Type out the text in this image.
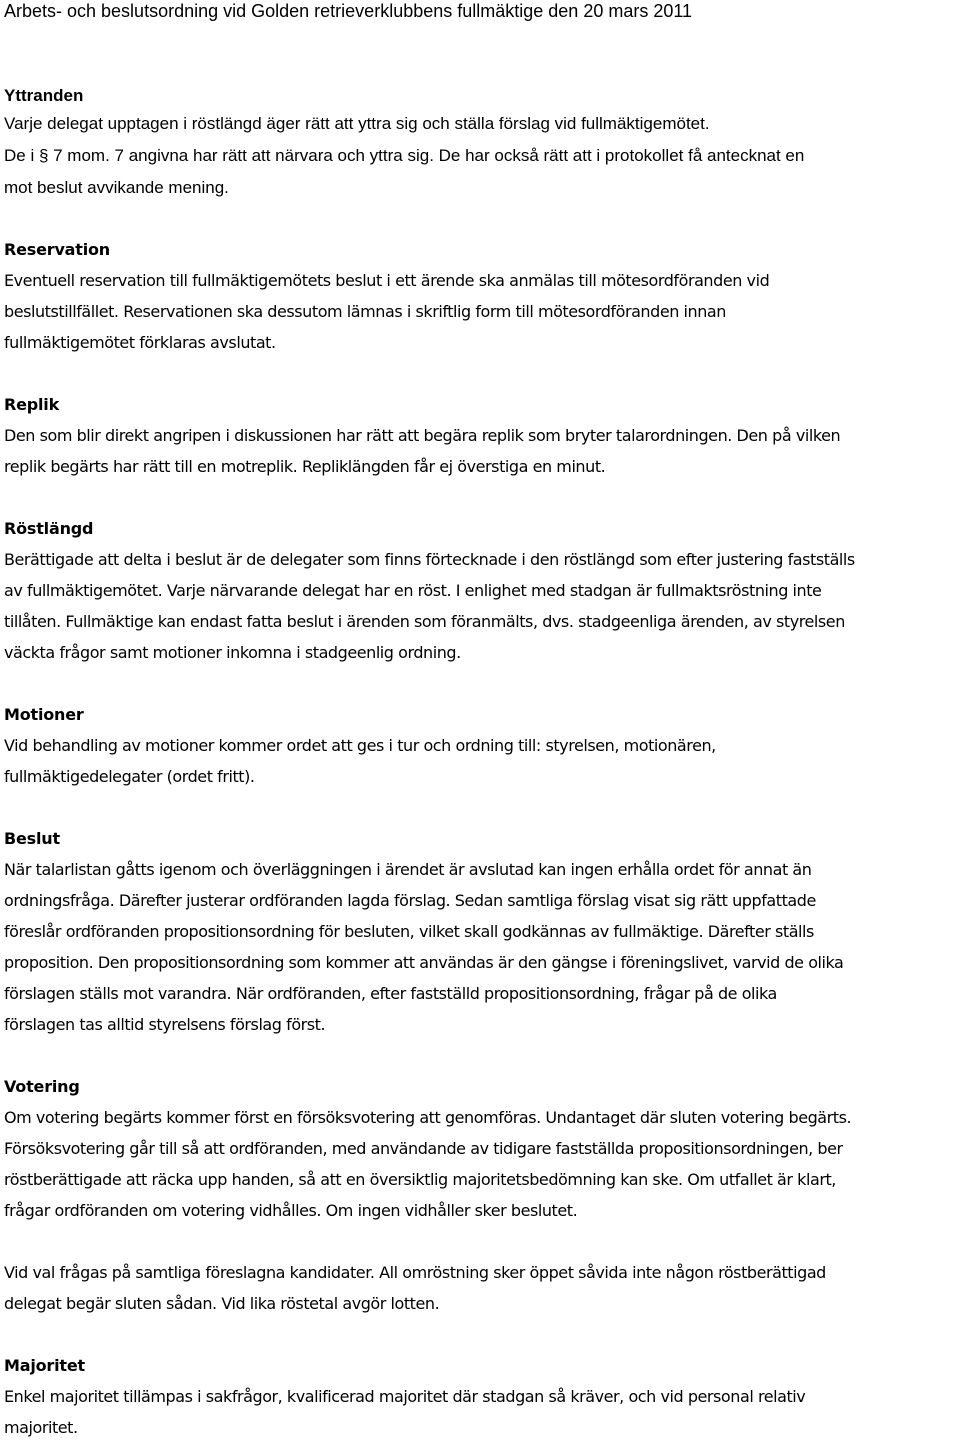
Arbets- och beslutsordning vid Golden retrieverklubbens fullmäktige den 20 mars 2011
Yttranden
Varje delegat upptagen i röstlängd äger rätt att yttra sig och ställa förslag vid fullmäktigemötet.
De i § 7 mom. 7 angivna har rätt att närvara och yttra sig. De har också rätt att i protokollet få antecknat en
mot beslut avvikande mening.
Reservation
Eventuell reservation till fullmäktigemötets beslut i ett ärende ska anmälas till mötesordföranden vid
beslutstillfället. Reservationen ska dessutom lämnas i skriftlig form till mötesordföranden innan
fullmäktigemötet förklaras avslutat.
Replik
Den som blir direkt angripen i diskussionen har rätt att begära replik som bryter talarordningen. Den på vilken
replik begärts har rätt till en motreplik. Repliklängden får ej överstiga en minut.
Röstlängd
Berättigade att delta i beslut är de delegater som finns förtecknade i den röstlängd som efter justering fastställs
av fullmäktigemötet. Varje närvarande delegat har en röst. I enlighet med stadgan är fullmaktsröstning inte
tillåten. Fullmäktige kan endast fatta beslut i ärenden som föranmälts, dvs. stadgeenliga ärenden, av styrelsen
väckta frågor samt motioner inkomna i stadgeenlig ordning.
Motioner
Vid behandling av motioner kommer ordet att ges i tur och ordning till: styrelsen, motionären,
fullmäktigedelegater (ordet fritt).
Beslut
När talarlistan gåtts igenom och överläggningen i ärendet är avslutad kan ingen erhålla ordet för annat än
ordningsfråga. Därefter justerar ordföranden lagda förslag. Sedan samtliga förslag visat sig rätt uppfattade
föreslår ordföranden propositionsordning för besluten, vilket skall godkännas av fullmäktige. Därefter ställs
proposition. Den propositionsordning som kommer att användas är den gängse i föreningslivet, varvid de olika
förslagen ställs mot varandra. När ordföranden, efter fastställd propositionsordning, frågar på de olika
förslagen tas alltid styrelsens förslag först.
Votering
Om votering begärts kommer först en försöksvotering att genomföras. Undantaget där sluten votering begärts.
Försöksvotering går till så att ordföranden, med användande av tidigare fastställda propositionsordningen, ber
röstberättigade att räcka upp handen, så att en översiktlig majoritetsbedömning kan ske. Om utfallet är klart,
frågar ordföranden om votering vidhålles. Om ingen vidhåller sker beslutet.
Vid val frågas på samtliga föreslagna kandidater. All omröstning sker öppet såvida inte någon röstberättigad
delegat begär sluten sådan. Vid lika röstetal avgör lotten.
Majoritet
Enkel majoritet tillämpas i sakfrågor, kvalificerad majoritet där stadgan så kräver, och vid personal relativ
majoritet.
